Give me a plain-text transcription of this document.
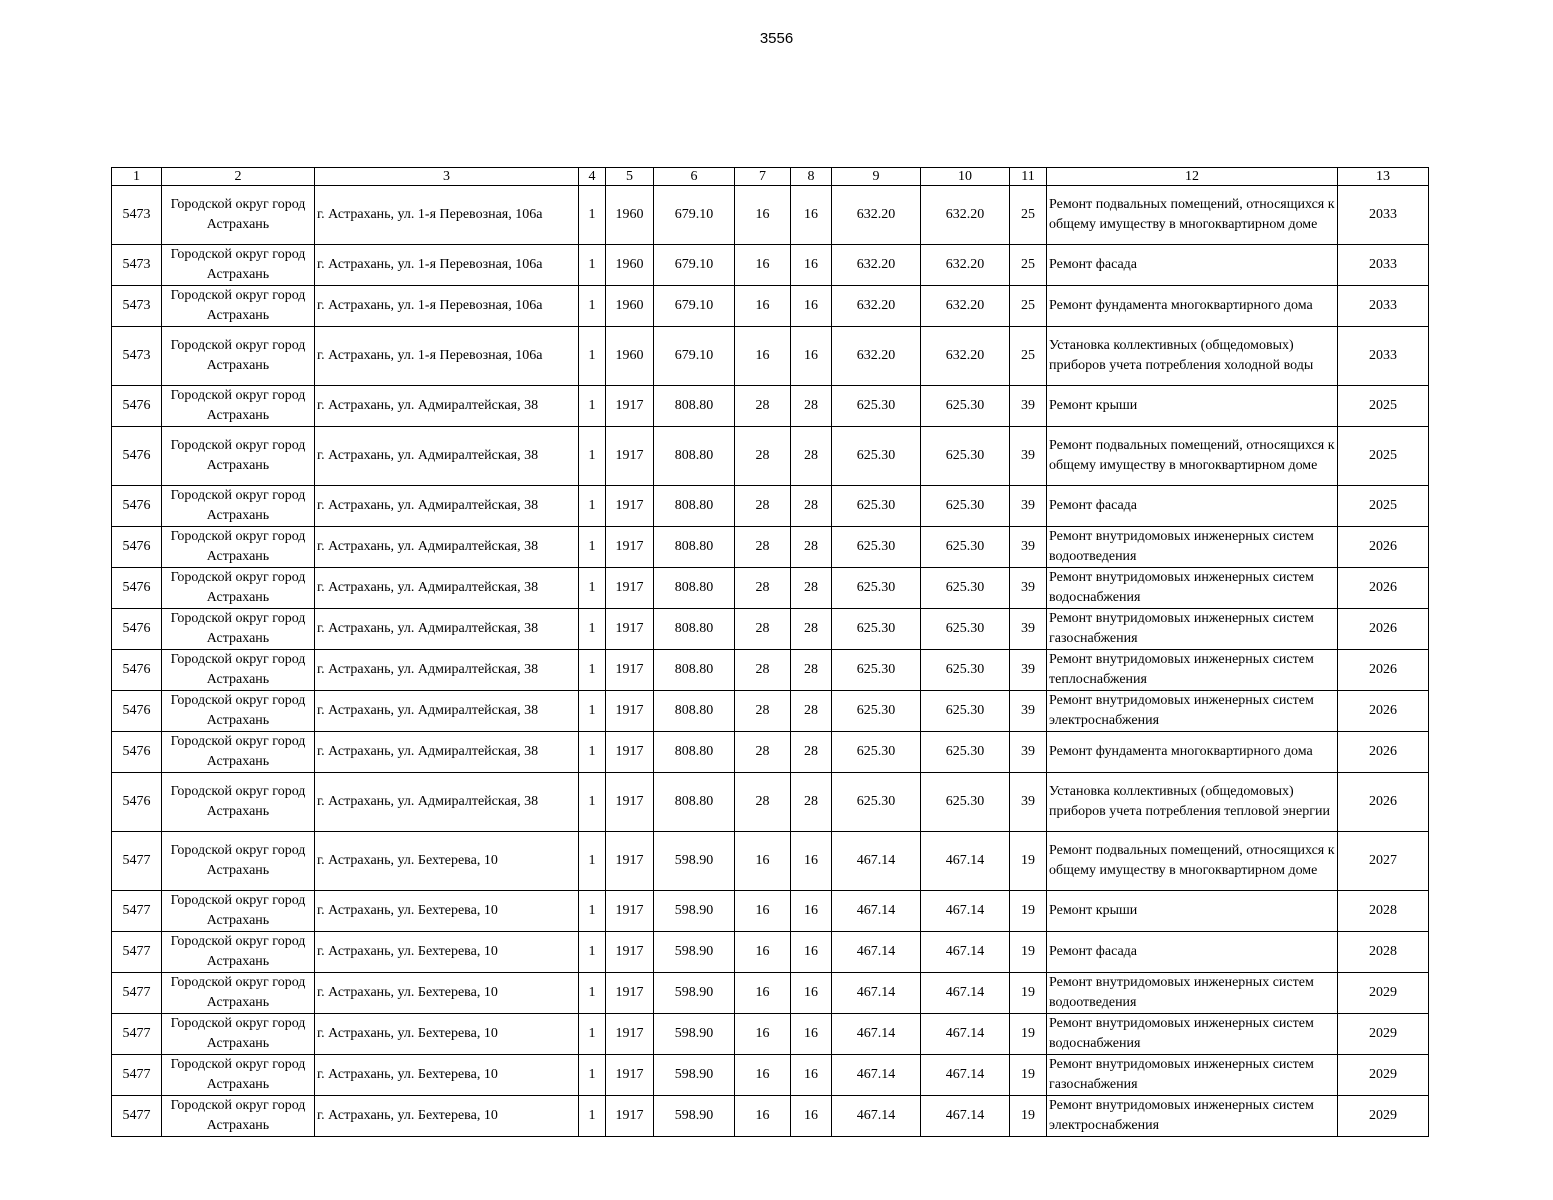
3556
1	2	3	4	5	6	7	8	9	10	11	12	13
5473	Городской округ город Астрахань	г. Астрахань, ул. 1-я Перевозная, 106а	1	1960	679.10	16	16	632.20	632.20	25	Ремонт подвальных помещений, относящихся к общему имуществу в многоквартирном доме	2033
5473	Городской округ город Астрахань	г. Астрахань, ул. 1-я Перевозная, 106а	1	1960	679.10	16	16	632.20	632.20	25	Ремонт фасада	2033
5473	Городской округ город Астрахань	г. Астрахань, ул. 1-я Перевозная, 106а	1	1960	679.10	16	16	632.20	632.20	25	Ремонт фундамента многоквартирного дома	2033
5473	Городской округ город Астрахань	г. Астрахань, ул. 1-я Перевозная, 106а	1	1960	679.10	16	16	632.20	632.20	25	Установка коллективных (общедомовых) приборов учета потребления холодной воды	2033
5476	Городской округ город Астрахань	г. Астрахань, ул. Адмиралтейская, 38	1	1917	808.80	28	28	625.30	625.30	39	Ремонт крыши	2025
5476	Городской округ город Астрахань	г. Астрахань, ул. Адмиралтейская, 38	1	1917	808.80	28	28	625.30	625.30	39	Ремонт подвальных помещений, относящихся к общему имуществу в многоквартирном доме	2025
5476	Городской округ город Астрахань	г. Астрахань, ул. Адмиралтейская, 38	1	1917	808.80	28	28	625.30	625.30	39	Ремонт фасада	2025
5476	Городской округ город Астрахань	г. Астрахань, ул. Адмиралтейская, 38	1	1917	808.80	28	28	625.30	625.30	39	Ремонт внутридомовых инженерных систем водоотведения	2026
5476	Городской округ город Астрахань	г. Астрахань, ул. Адмиралтейская, 38	1	1917	808.80	28	28	625.30	625.30	39	Ремонт внутридомовых инженерных систем водоснабжения	2026
5476	Городской округ город Астрахань	г. Астрахань, ул. Адмиралтейская, 38	1	1917	808.80	28	28	625.30	625.30	39	Ремонт внутридомовых инженерных систем газоснабжения	2026
5476	Городской округ город Астрахань	г. Астрахань, ул. Адмиралтейская, 38	1	1917	808.80	28	28	625.30	625.30	39	Ремонт внутридомовых инженерных систем теплоснабжения	2026
5476	Городской округ город Астрахань	г. Астрахань, ул. Адмиралтейская, 38	1	1917	808.80	28	28	625.30	625.30	39	Ремонт внутридомовых инженерных систем электроснабжения	2026
5476	Городской округ город Астрахань	г. Астрахань, ул. Адмиралтейская, 38	1	1917	808.80	28	28	625.30	625.30	39	Ремонт фундамента многоквартирного дома	2026
5476	Городской округ город Астрахань	г. Астрахань, ул. Адмиралтейская, 38	1	1917	808.80	28	28	625.30	625.30	39	Установка коллективных (общедомовых) приборов учета потребления тепловой энергии	2026
5477	Городской округ город Астрахань	г. Астрахань, ул. Бехтерева, 10	1	1917	598.90	16	16	467.14	467.14	19	Ремонт подвальных помещений, относящихся к общему имуществу в многоквартирном доме	2027
5477	Городской округ город Астрахань	г. Астрахань, ул. Бехтерева, 10	1	1917	598.90	16	16	467.14	467.14	19	Ремонт крыши	2028
5477	Городской округ город Астрахань	г. Астрахань, ул. Бехтерева, 10	1	1917	598.90	16	16	467.14	467.14	19	Ремонт фасада	2028
5477	Городской округ город Астрахань	г. Астрахань, ул. Бехтерева, 10	1	1917	598.90	16	16	467.14	467.14	19	Ремонт внутридомовых инженерных систем водоотведения	2029
5477	Городской округ город Астрахань	г. Астрахань, ул. Бехтерева, 10	1	1917	598.90	16	16	467.14	467.14	19	Ремонт внутридомовых инженерных систем водоснабжения	2029
5477	Городской округ город Астрахань	г. Астрахань, ул. Бехтерева, 10	1	1917	598.90	16	16	467.14	467.14	19	Ремонт внутридомовых инженерных систем газоснабжения	2029
5477	Городской округ город Астрахань	г. Астрахань, ул. Бехтерева, 10	1	1917	598.90	16	16	467.14	467.14	19	Ремонт внутридомовых инженерных систем электроснабжения	2029
